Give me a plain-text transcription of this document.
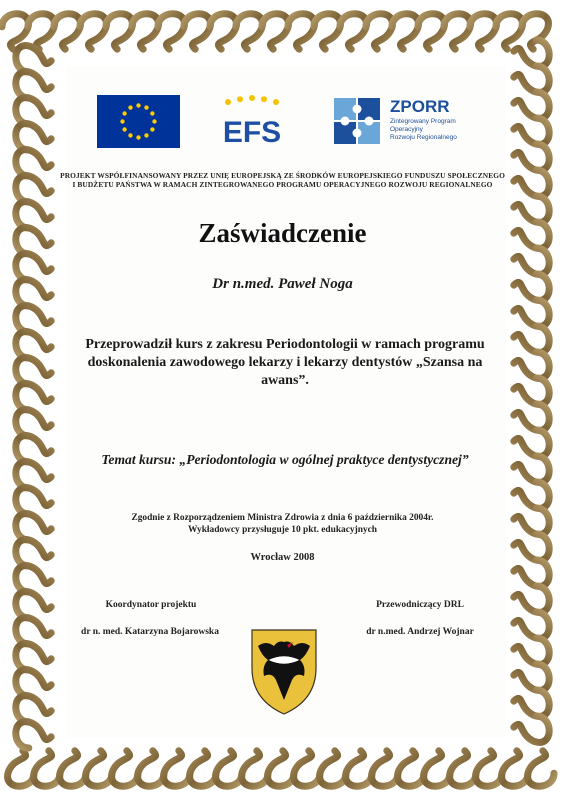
EFS
ZPORR
Zintegrowany Program
Operacyjny
Rozwoju Regionalnego
PROJEKT WSPÓŁFINANSOWANY PRZEZ UNIĘ EUROPEJSKĄ ZE ŚRODKÓW EUROPEJSKIEGO FUNDUSZU SPOŁECZNEGO
I BUDŻETU PAŃSTWA W RAMACH ZINTEGROWANEGO PROGRAMU OPERACYJNEGO ROZWOJU REGIONALNEGO
Zaświadczenie
Dr n.med. Paweł Noga
Przeprowadził kurs z zakresu Periodontologii w ramach programu
doskonalenia zawodowego lekarzy i lekarzy dentystów „Szansa na
awans”.
Temat kursu: „Periodontologia w ogólnej praktyce dentystycznej”
Zgodnie z Rozporządzeniem Ministra Zdrowia z dnia 6 października 2004r.
Wykładowcy przysługuje 10 pkt. edukacyjnych
Wrocław 2008
Koordynator projektu
dr n. med. Katarzyna Bojarowska
Przewodniczący DRL
dr n.med. Andrzej Wojnar
